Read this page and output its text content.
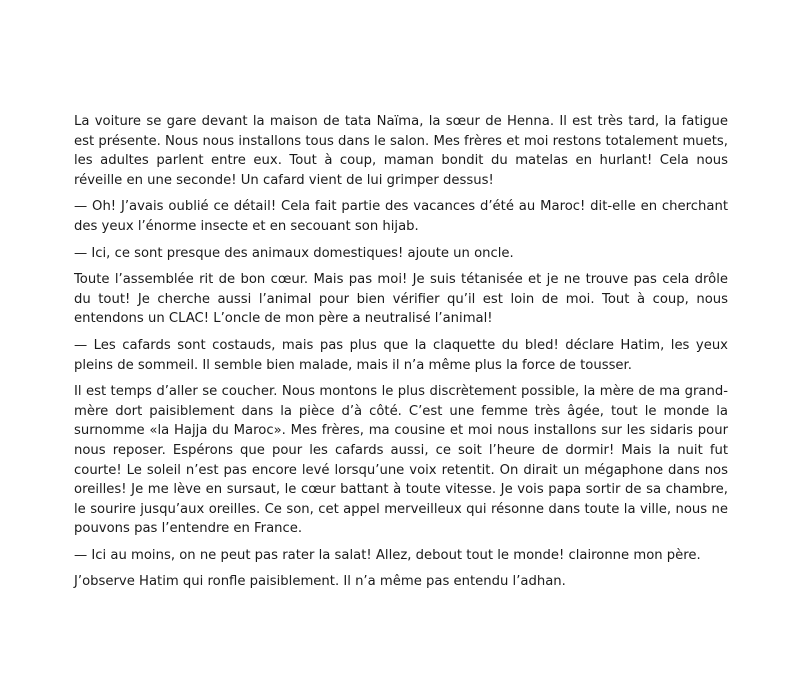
La voiture se gare devant la maison de tata Naïma, la sœur de Henna. Il est très tard, la fatigue est présente. Nous nous installons tous dans le salon. Mes frères et moi restons totalement muets, les adultes parlent entre eux. Tout à coup, maman bondit du matelas en hurlant! Cela nous réveille en une seconde! Un cafard vient de lui grimper dessus!

— Oh! J’avais oublié ce détail! Cela fait partie des vacances d’été au Maroc! dit-elle en cherchant des yeux l’énorme insecte et en secouant son hijab.

— Ici, ce sont presque des animaux domestiques! ajoute un oncle.

Toute l’assemblée rit de bon cœur. Mais pas moi! Je suis tétanisée et je ne trouve pas cela drôle du tout! Je cherche aussi l’animal pour bien vérifier qu’il est loin de moi. Tout à coup, nous entendons un CLAC! L’oncle de mon père a neutralisé l’animal!

— Les cafards sont costauds, mais pas plus que la claquette du bled! déclare Hatim, les yeux pleins de sommeil. Il semble bien malade, mais il n’a même plus la force de tousser.

Il est temps d’aller se coucher. Nous montons le plus discrètement possible, la mère de ma grand-mère dort paisiblement dans la pièce d’à côté. C’est une femme très âgée, tout le monde la surnomme «la Hajja du Maroc». Mes frères, ma cousine et moi nous installons sur les sidaris pour nous reposer. Espérons que pour les cafards aussi, ce soit l’heure de dormir! Mais la nuit fut courte! Le soleil n’est pas encore levé lorsqu’une voix retentit. On dirait un mégaphone dans nos oreilles! Je me lève en sursaut, le cœur battant à toute vitesse. Je vois papa sortir de sa chambre, le sourire jusqu’aux oreilles. Ce son, cet appel merveilleux qui résonne dans toute la ville, nous ne pouvons pas l’entendre en France.

— Ici au moins, on ne peut pas rater la salat! Allez, debout tout le monde! claironne mon père.

J’observe Hatim qui ronfle paisiblement. Il n’a même pas entendu l’adhan.
